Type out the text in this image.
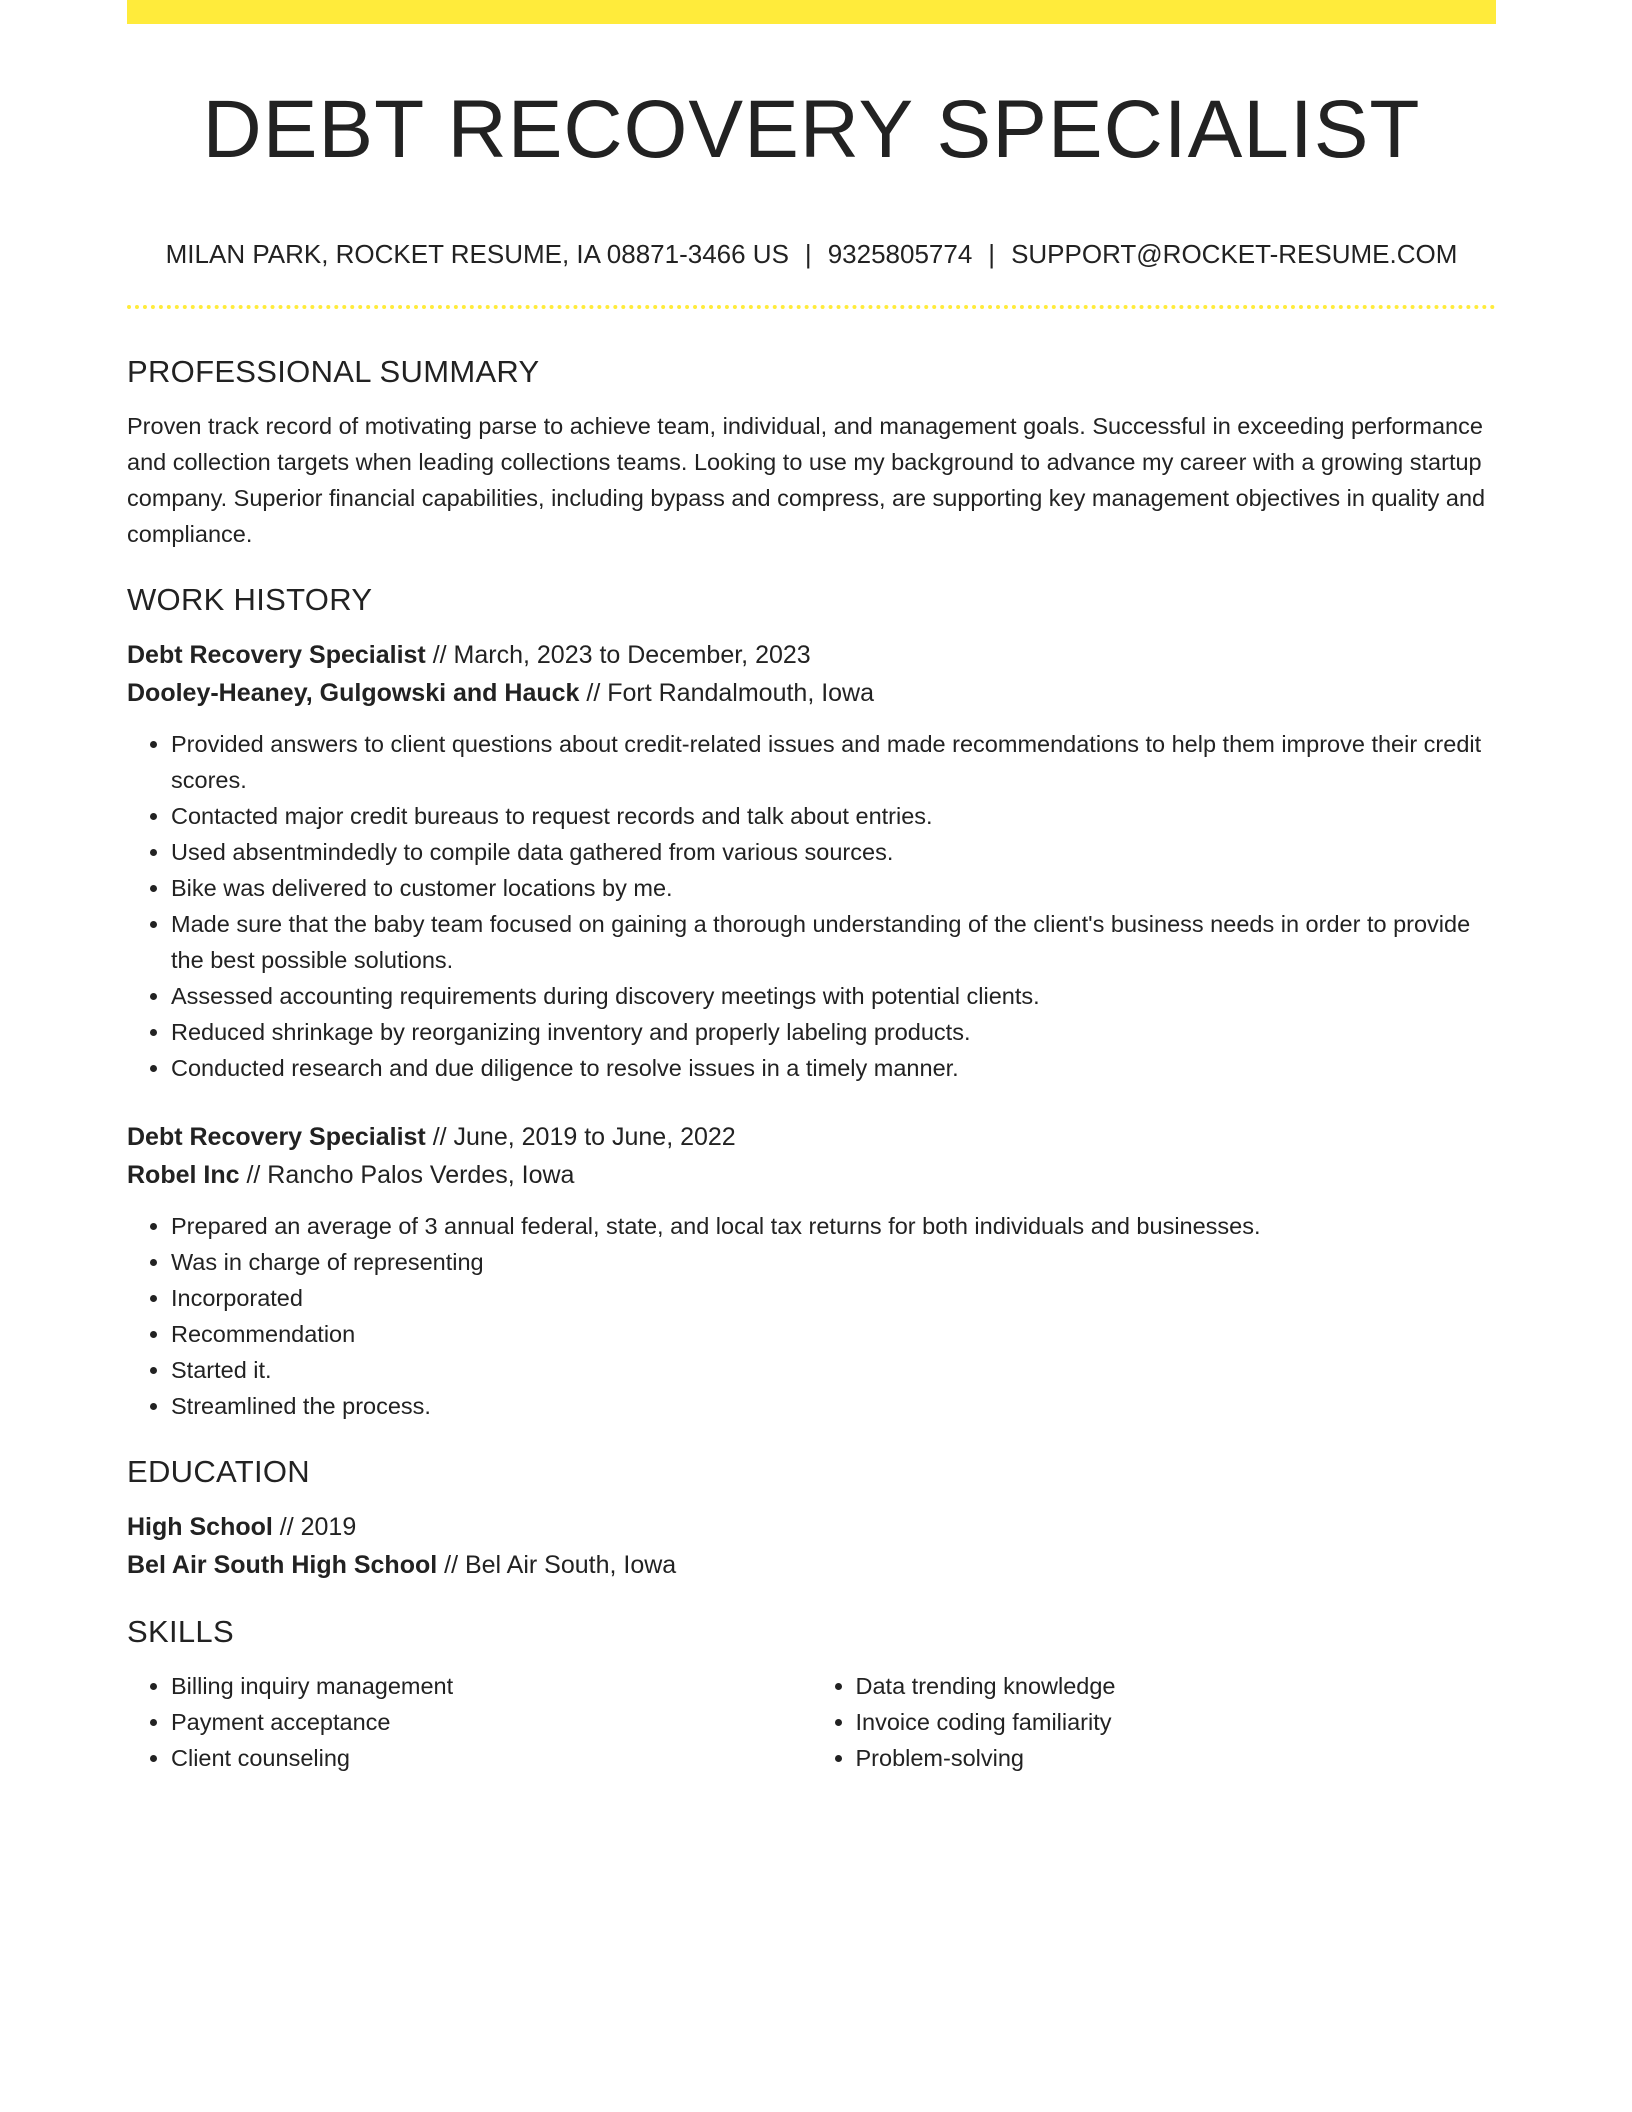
DEBT RECOVERY SPECIALIST
MILAN PARK, ROCKET RESUME, IA 08871-3466 US | 9325805774 | SUPPORT@ROCKET-RESUME.COM
PROFESSIONAL SUMMARY

Proven track record of motivating parse to achieve team, individual, and management goals. Successful in exceeding performance and collection targets when leading collections teams. Looking to use my background to advance my career with a growing startup company. Superior financial capabilities, including bypass and compress, are supporting key management objectives in quality and compliance.

WORK HISTORY
Debt Recovery Specialist // March, 2023 to December, 2023
Dooley-Heaney, Gulgowski and Hauck // Fort Randalmouth, Iowa
• Provided answers to client questions about credit-related issues and made recommendations to help them improve their credit scores.
• Contacted major credit bureaus to request records and talk about entries.
• Used absentmindedly to compile data gathered from various sources.
• Bike was delivered to customer locations by me.
• Made sure that the baby team focused on gaining a thorough understanding of the client's business needs in order to provide the best possible solutions.
• Assessed accounting requirements during discovery meetings with potential clients.
• Reduced shrinkage by reorganizing inventory and properly labeling products.
• Conducted research and due diligence to resolve issues in a timely manner.
Debt Recovery Specialist // June, 2019 to June, 2022
Robel Inc // Rancho Palos Verdes, Iowa
• Prepared an average of 3 annual federal, state, and local tax returns for both individuals and businesses.
• Was in charge of representing
• Incorporated
• Recommendation
• Started it.
• Streamlined the process.
EDUCATION
High School // 2019
Bel Air South High School // Bel Air South, Iowa
SKILLS
• Billing inquiry management
• Payment acceptance
• Client counseling
• Data trending knowledge
• Invoice coding familiarity
• Problem-solving
